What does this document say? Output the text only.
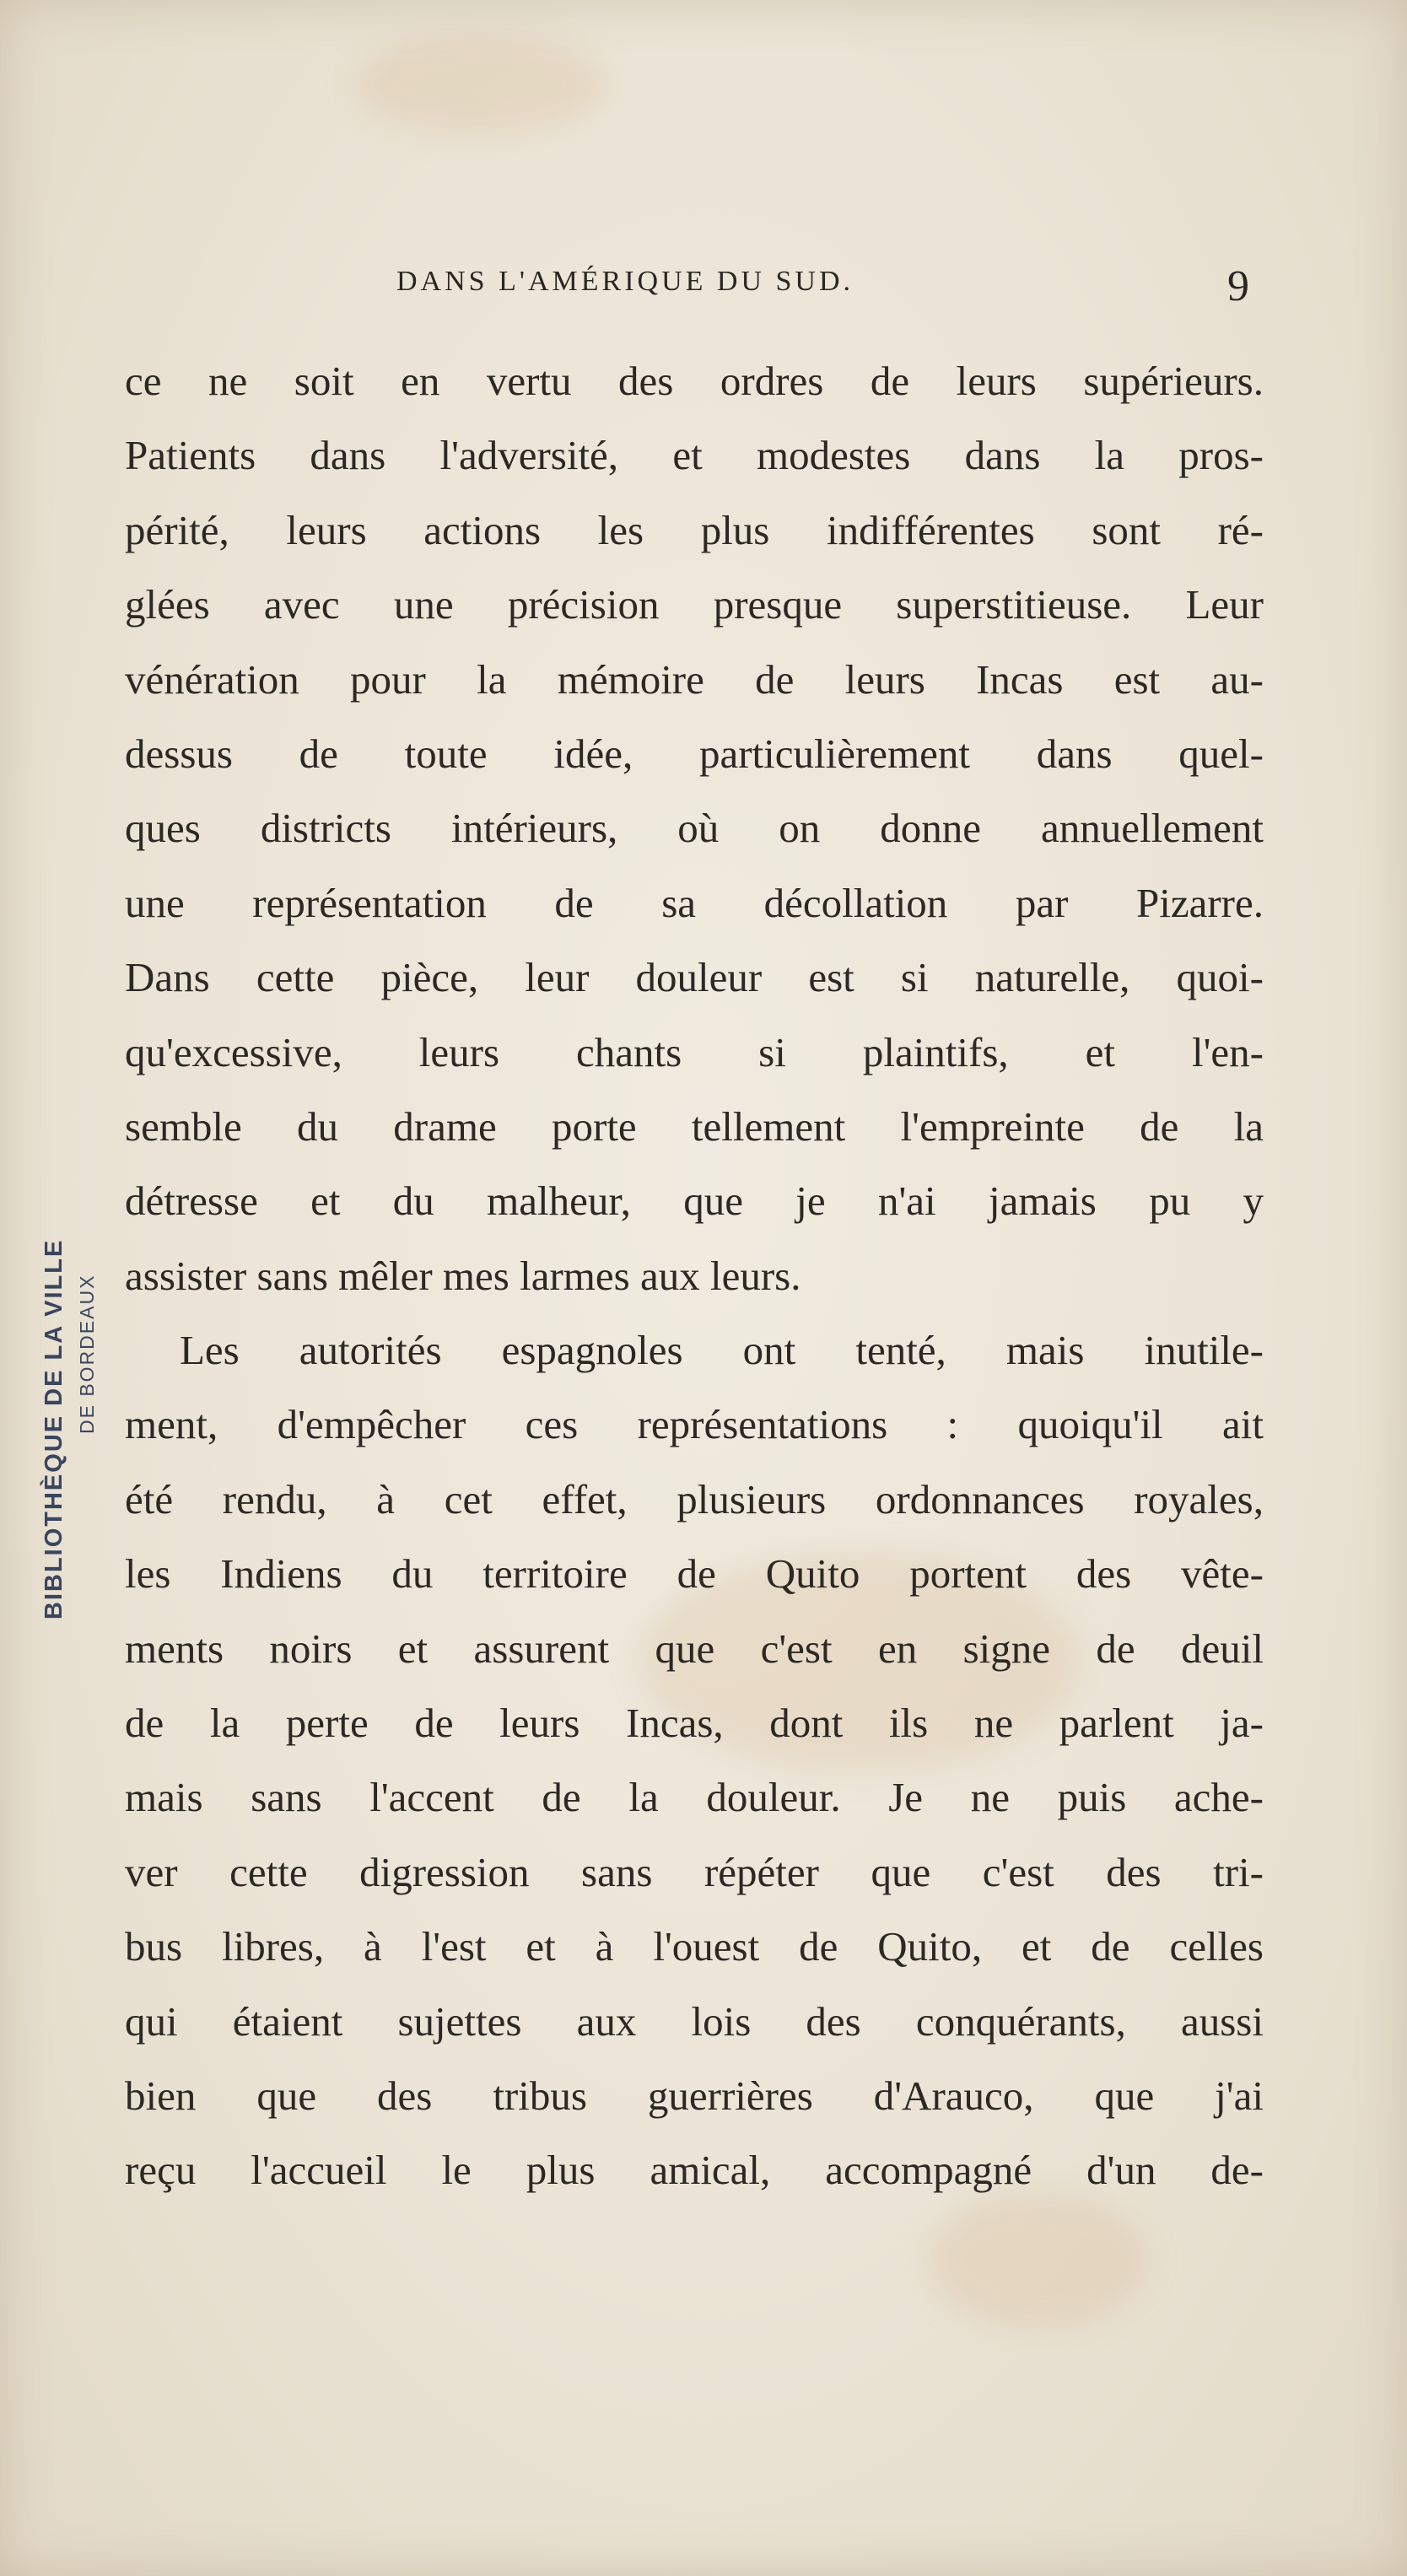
DANS L'AMÉRIQUE DU SUD.	9
BIBLIOTHÈQUE DE LA VILLE DE BORDEAUX
ce ne soit en vertu des ordres de leurs supérieurs.
Patients dans l'adversité, et modestes dans la pros-
périté, leurs actions les plus indifférentes sont ré-
glées avec une précision presque superstitieuse. Leur
vénération pour la mémoire de leurs Incas est au-
dessus de toute idée, particulièrement dans quel-
ques districts intérieurs, où on donne annuellement
une représentation de sa décollation par Pizarre.
Dans cette pièce, leur douleur est si naturelle, quoi-
qu'excessive, leurs chants si plaintifs, et l'en-
semble du drame porte tellement l'empreinte de la
détresse et du malheur, que je n'ai jamais pu y
assister sans mêler mes larmes aux leurs.
Les autorités espagnoles ont tenté, mais inutile-
ment, d'empêcher ces représentations : quoiqu'il ait
été rendu, à cet effet, plusieurs ordonnances royales,
les Indiens du territoire de Quito portent des vête-
ments noirs et assurent que c'est en signe de deuil
de la perte de leurs Incas, dont ils ne parlent ja-
mais sans l'accent de la douleur. Je ne puis ache-
ver cette digression sans répéter que c'est des tri-
bus libres, à l'est et à l'ouest de Quito, et de celles
qui étaient sujettes aux lois des conquérants, aussi
bien que des tribus guerrières d'Arauco, que j'ai
reçu l'accueil le plus amical, accompagné d'un de-
